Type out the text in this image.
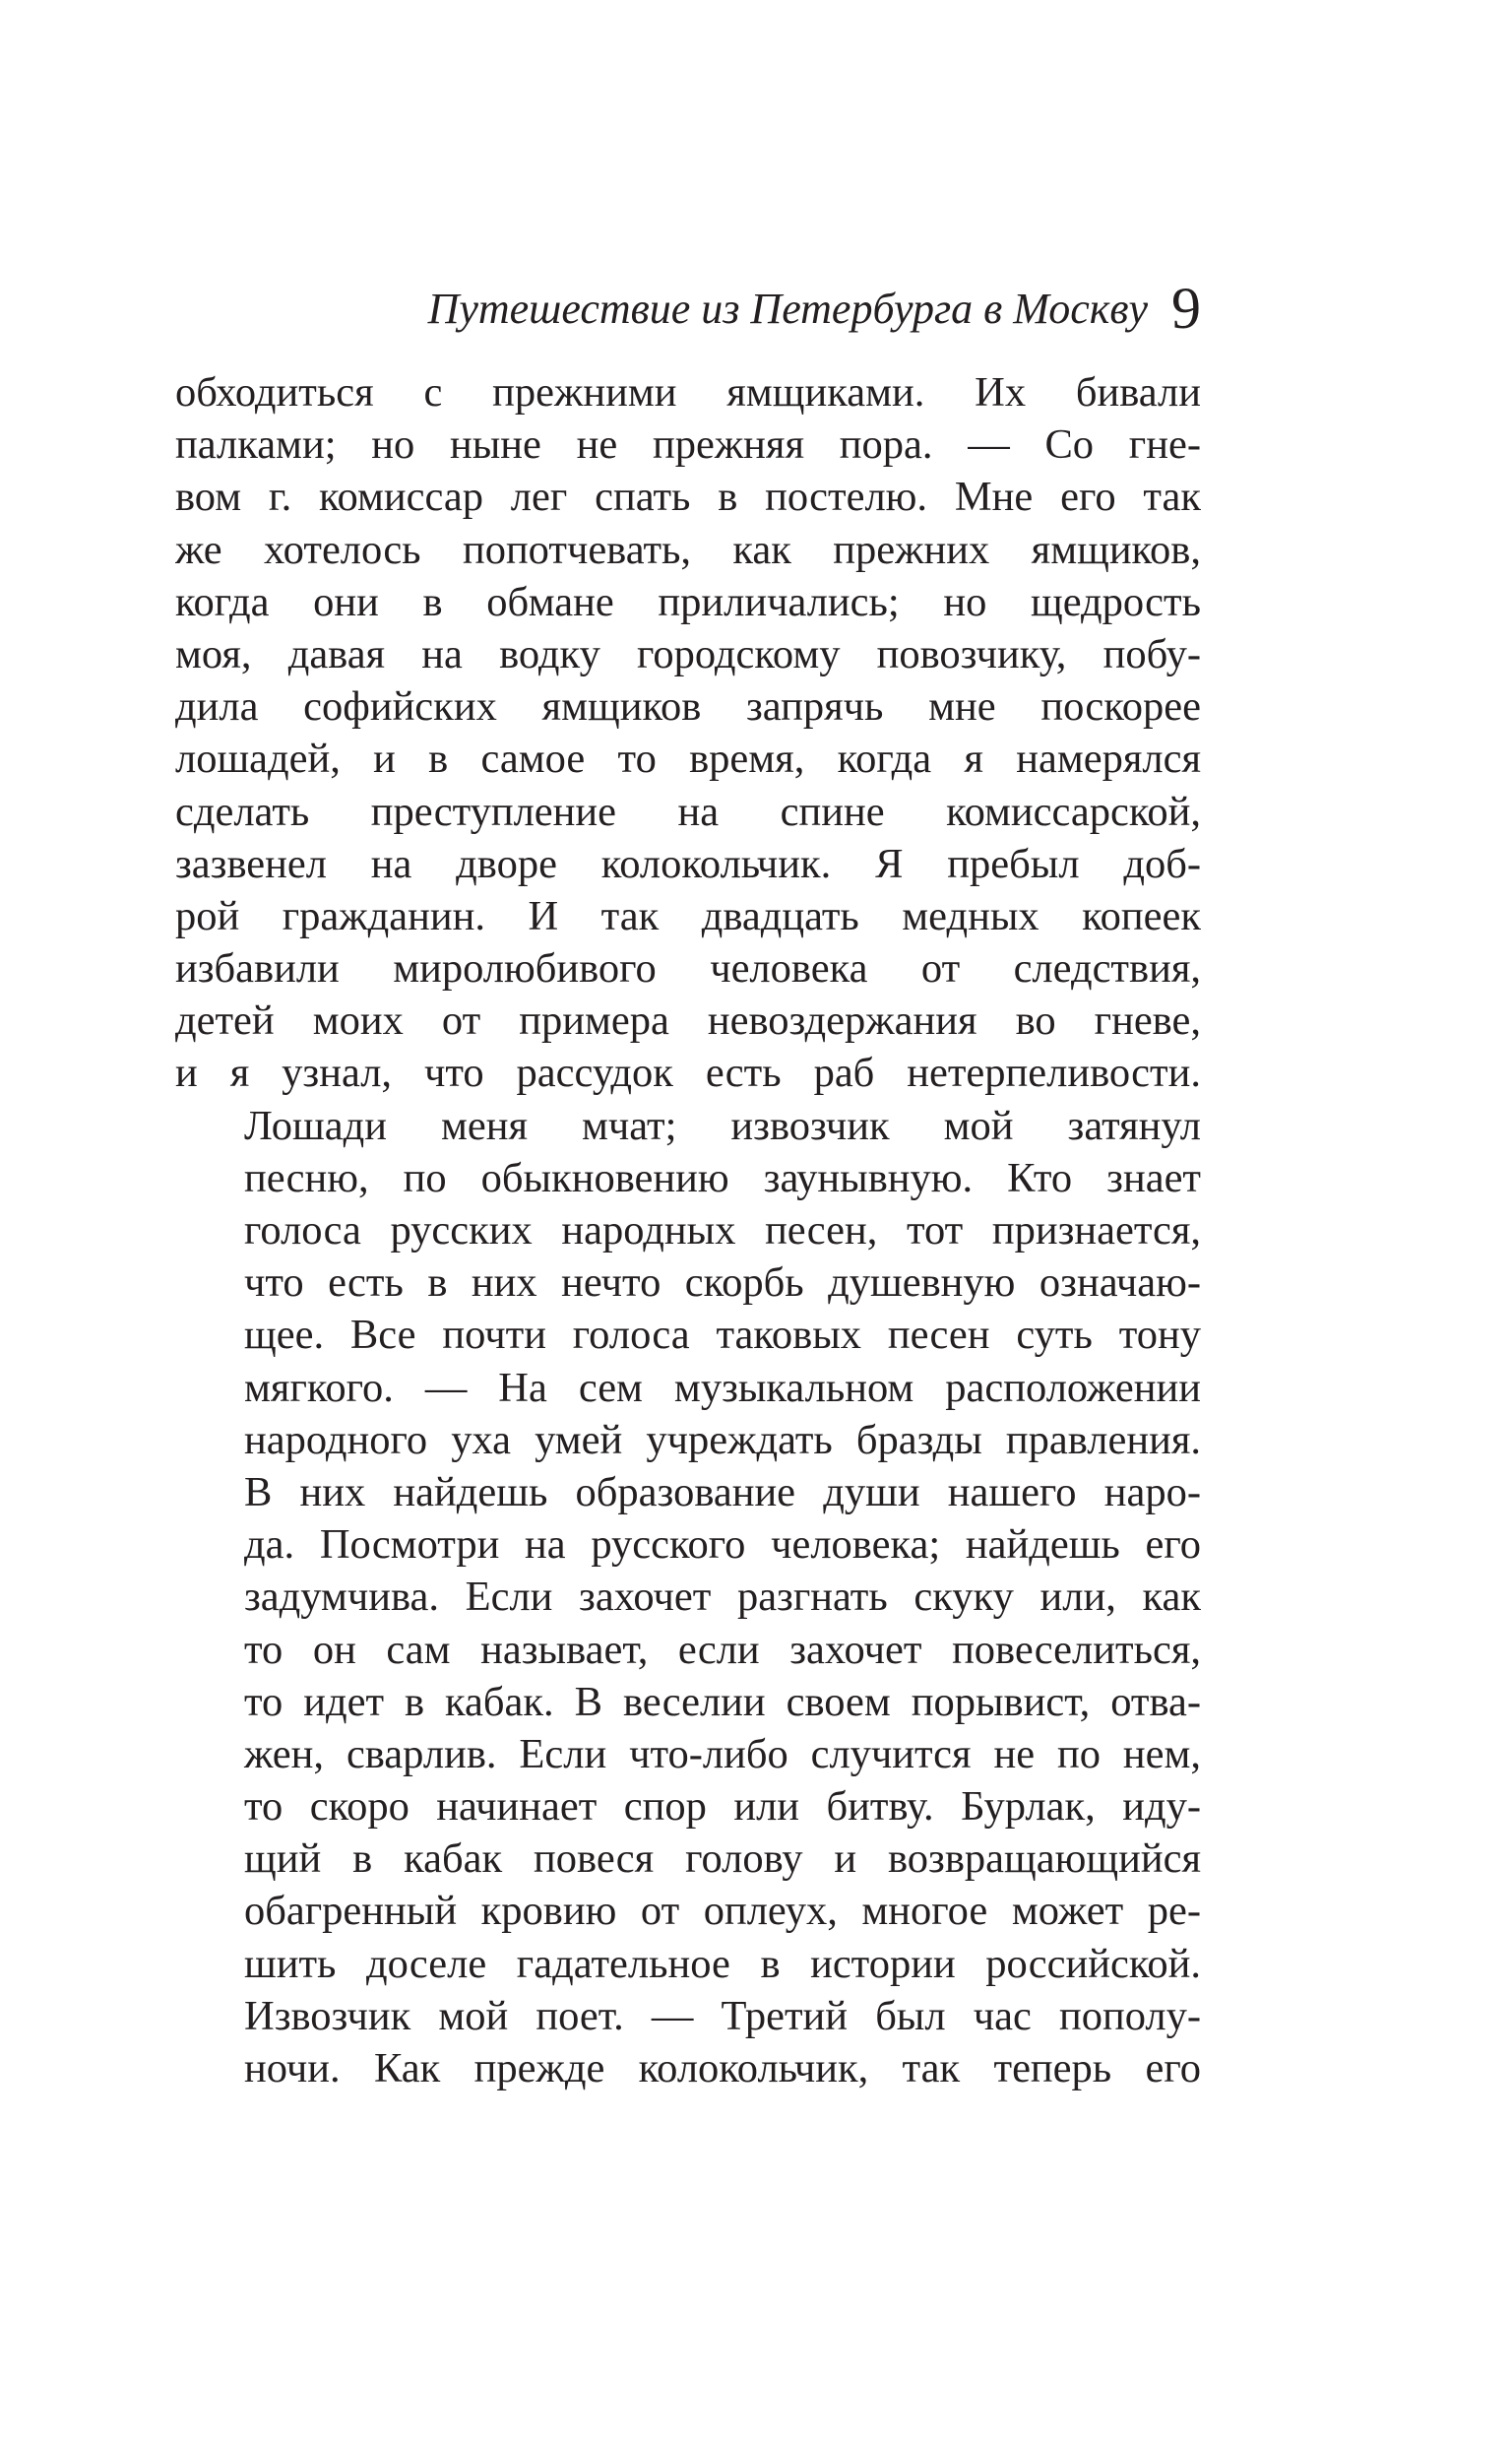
Путешествие из Петербурга в Москву 9
обходиться с прежними ямщиками. Их бивали
палками; но ныне не прежняя пора. — Со гне-
вом г. комиссар лег спать в постелю. Мне его так
же хотелось попотчевать, как прежних ямщиков,
когда они в обмане приличались; но щедрость
моя, давая на водку городскому повозчику, побу-
дила софийских ямщиков запрячь мне поскорее
лошадей, и в самое то время, когда я намерялся
сделать преступление на спине комиссарской,
зазвенел на дворе колокольчик. Я пребыл доб-
рой гражданин. И так двадцать медных копеек
избавили миролюбивого человека от следствия,
детей моих от примера невоздержания во гневе,
и я узнал, что рассудок есть раб нетерпеливости.
Лошади меня мчат; извозчик мой затянул
песню, по обыкновению заунывную. Кто знает
голоса русских народных песен, тот признается,
что есть в них нечто скорбь душевную означаю-
щее. Все почти голоса таковых песен суть тону
мягкого. — На сем музыкальном расположении
народного уха умей учреждать бразды правления.
В них найдешь образование души нашего наро-
да. Посмотри на русского человека; найдешь его
задумчива. Если захочет разгнать скуку или, как
то он сам называет, если захочет повеселиться,
то идет в кабак. В веселии своем порывист, отва-
жен, сварлив. Если что-либо случится не по нем,
то скоро начинает спор или битву. Бурлак, иду-
щий в кабак повеся голову и возвращающийся
обагренный кровию от оплеух, многое может ре-
шить доселе гадательное в истории российской.
Извозчик мой поет. — Третий был час пополу-
ночи. Как прежде колокольчик, так теперь его
